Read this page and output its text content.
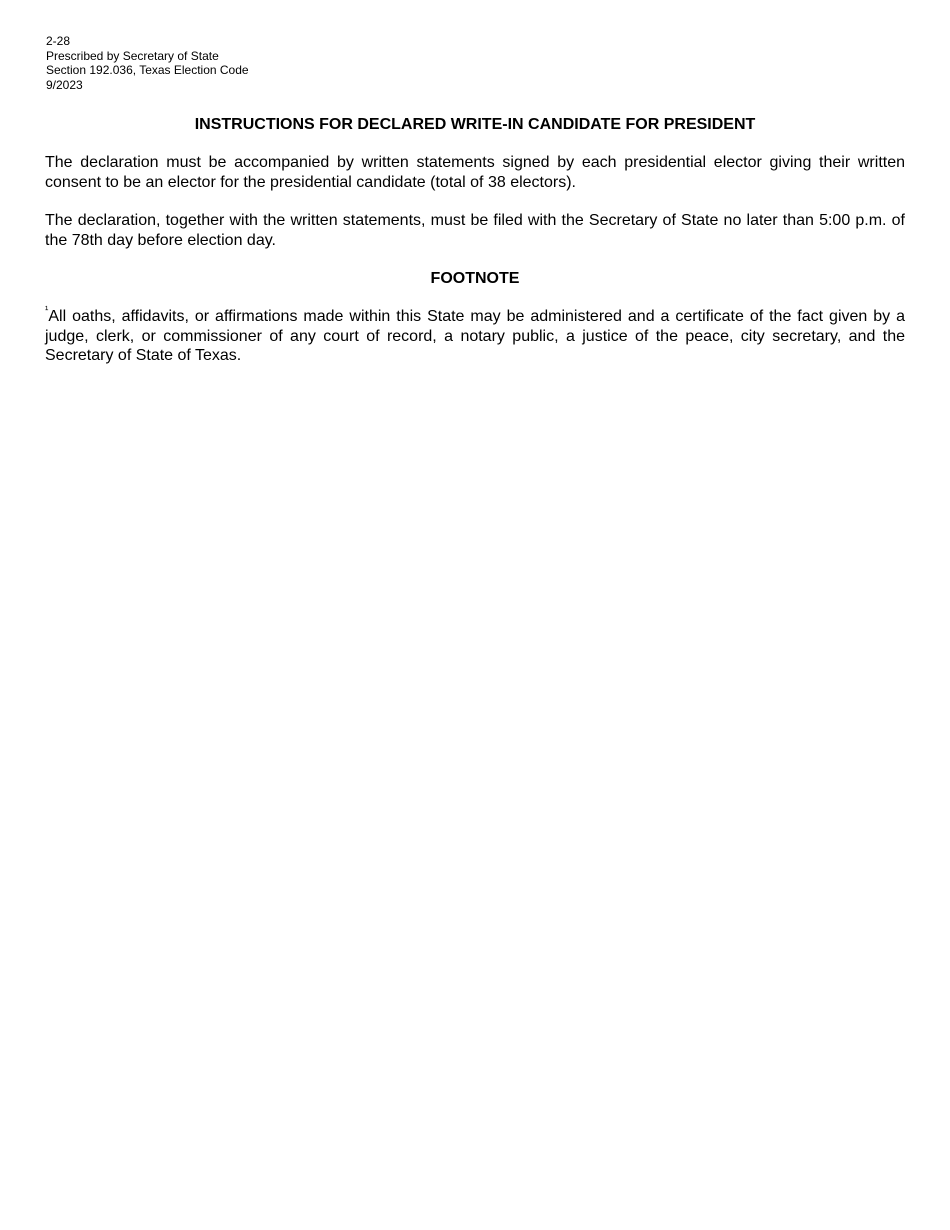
2-28
Prescribed by Secretary of State
Section 192.036, Texas Election Code
9/2023

INSTRUCTIONS FOR DECLARED WRITE-IN CANDIDATE FOR PRESIDENT

The declaration must be accompanied by written statements signed by each presidential elector giving their written consent to be an elector for the presidential candidate (total of 38 electors).

The declaration, together with the written statements, must be filed with the Secretary of State no later than 5:00 p.m. of the 78th day before election day.

FOOTNOTE

$^{^1}$All oaths, affidavits, or affirmations made within this State may be administered and a certificate of the fact given by a judge, clerk, or commissioner of any court of record, a notary public, a justice of the peace, city secretary, and the Secretary of State of Texas.
